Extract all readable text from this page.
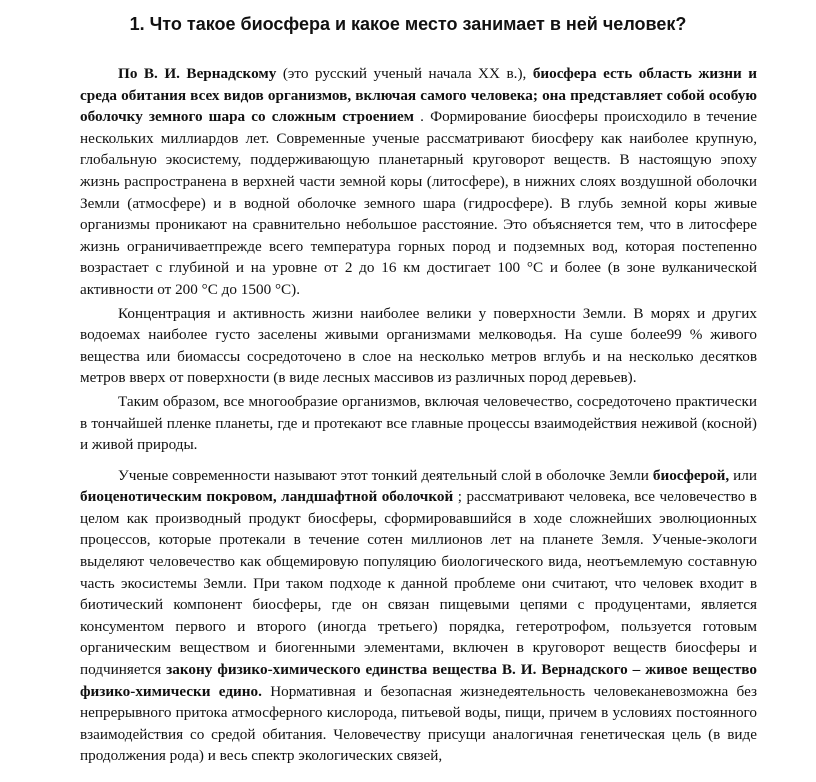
1. Что такое биосфера и какое место занимает в ней человек?

По В. И. Вернадскому (это русский ученый начала XX в.), биосфера есть область жизни и среда обитания всех видов организмов, включая самого человека; она представляет собой особую оболочку земного шара со сложным строением . Формирование биосферы происходило в течение нескольких миллиардов лет. Современные ученые рассматривают биосферу как наиболее крупную, глобальную экосистему, поддерживающую планетарный круговорот веществ. В настоящую эпоху жизнь распространена в верхней части земной коры (литосфере), в нижних слоях воздушной оболочки Земли (атмосфере) и в водной оболочке земного шара (гидросфере). В глубь земной коры живые организмы проникают на сравнительно небольшое расстояние. Это объясняется тем, что в литосфере жизнь ограничиваетпрежде всего температура горных пород и подземных вод, которая постепенно возрастает с глубиной и на уровне от 2 до 16 км достигает 100 °С и более (в зоне вулканической активности от 200 °С до 1500 °С).

Концентрация и активность жизни наиболее велики у поверхности Земли. В морях и других водоемах наиболее густо заселены живыми организмами мелководья. На суше более99 % живого вещества или биомассы сосредоточено в слое на несколько метров вглубь и на несколько десятков метров вверх от поверхности (в виде лесных массивов из различных пород деревьев).

Таким образом, все многообразие организмов, включая человечество, сосредоточено практически в тончайшей пленке планеты, где и протекают все главные процессы взаимодействия неживой (косной) и живой природы.

Ученые современности называют этот тонкий деятельный слой в оболочке Земли биосферой, или биоценотическим покровом, ландшафтной оболочкой ; рассматривают человека, все человечество в целом как производный продукт биосферы, сформировавшийся в ходе сложнейших эволюционных процессов, которые протекали в течение сотен миллионов лет на планете Земля. Ученые-экологи выделяют человечество как общемировую популяцию биологического вида, неотъемлемую составную часть экосистемы Земли. При таком подходе к данной проблеме они считают, что человек входит в биотический компонент биосферы, где он связан пищевыми цепями с продуцентами, является консументом первого и второго (иногда третьего) порядка, гетеротрофом, пользуется готовым органическим веществом и биогенными элементами, включен в круговорот веществ биосферы и подчиняется закону физико-химического единства вещества В. И. Вернадского – живое вещество физико-химически едино. Нормативная и безопасная жизнедеятельность человеканевозможна без непрерывного притока атмосферного кислорода, питьевой воды, пищи, причем в условиях постоянного взаимодействия со средой обитания. Человечеству присущи аналогичная генетическая цель (в виде продолжения рода) и весь спектр экологических связей,
